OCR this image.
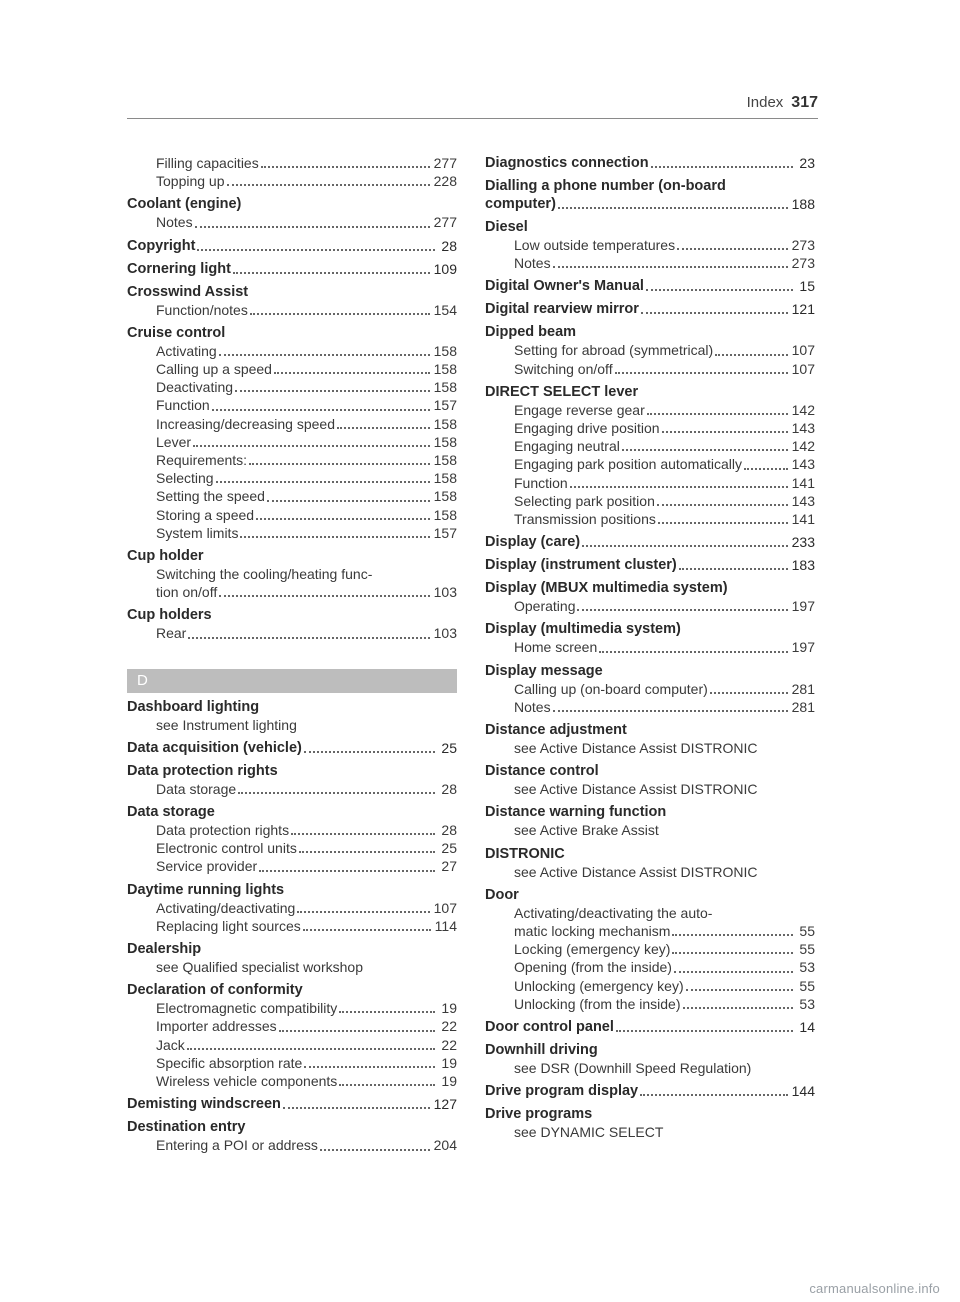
Index 317
Filling capacities	277
Topping up	228
Coolant (engine)
Notes	277
Copyright	28
Cornering light	109
Crosswind Assist
Function/notes	154
Cruise control
Activating	158
Calling up a speed	158
Deactivating	158
Function	157
Increasing/decreasing speed	158
Lever	158
Requirements:	158
Selecting	158
Setting the speed	158
Storing a speed	158
System limits	157
Cup holder
Switching the cooling/heating func-
tion on/off	103
Cup holders
Rear	103
D
Dashboard lighting
see Instrument lighting
Data acquisition (vehicle)	25
Data protection rights
Data storage	28
Data storage
Data protection rights	28
Electronic control units	25
Service provider	27
Daytime running lights
Activating/deactivating	107
Replacing light sources	114
Dealership
see Qualified specialist workshop
Declaration of conformity
Electromagnetic compatibility	19
Importer addresses	22
Jack	22
Specific absorption rate	19
Wireless vehicle components	19
Demisting windscreen	127
Destination entry
Entering a POI or address	204
Diagnostics connection	23
Dialling a phone number (on-board
computer)	188
Diesel
Low outside temperatures	273
Notes	273
Digital Owner's Manual	15
Digital rearview mirror	121
Dipped beam
Setting for abroad (symmetrical)	107
Switching on/off	107
DIRECT SELECT lever
Engage reverse gear	142
Engaging drive position	143
Engaging neutral	142
Engaging park position automatically	143
Function	141
Selecting park position	143
Transmission positions	141
Display (care)	233
Display (instrument cluster)	183
Display (MBUX multimedia system)
Operating	197
Display (multimedia system)
Home screen	197
Display message
Calling up (on-board computer)	281
Notes	281
Distance adjustment
see Active Distance Assist DISTRONIC
Distance control
see Active Distance Assist DISTRONIC
Distance warning function
see Active Brake Assist
DISTRONIC
see Active Distance Assist DISTRONIC
Door
Activating/deactivating the auto-
matic locking mechanism	55
Locking (emergency key)	55
Opening (from the inside)	53
Unlocking (emergency key)	55
Unlocking (from the inside)	53
Door control panel	14
Downhill driving
see DSR (Downhill Speed Regulation)
Drive program display	144
Drive programs
see DYNAMIC SELECT
carmanualsonline.info
